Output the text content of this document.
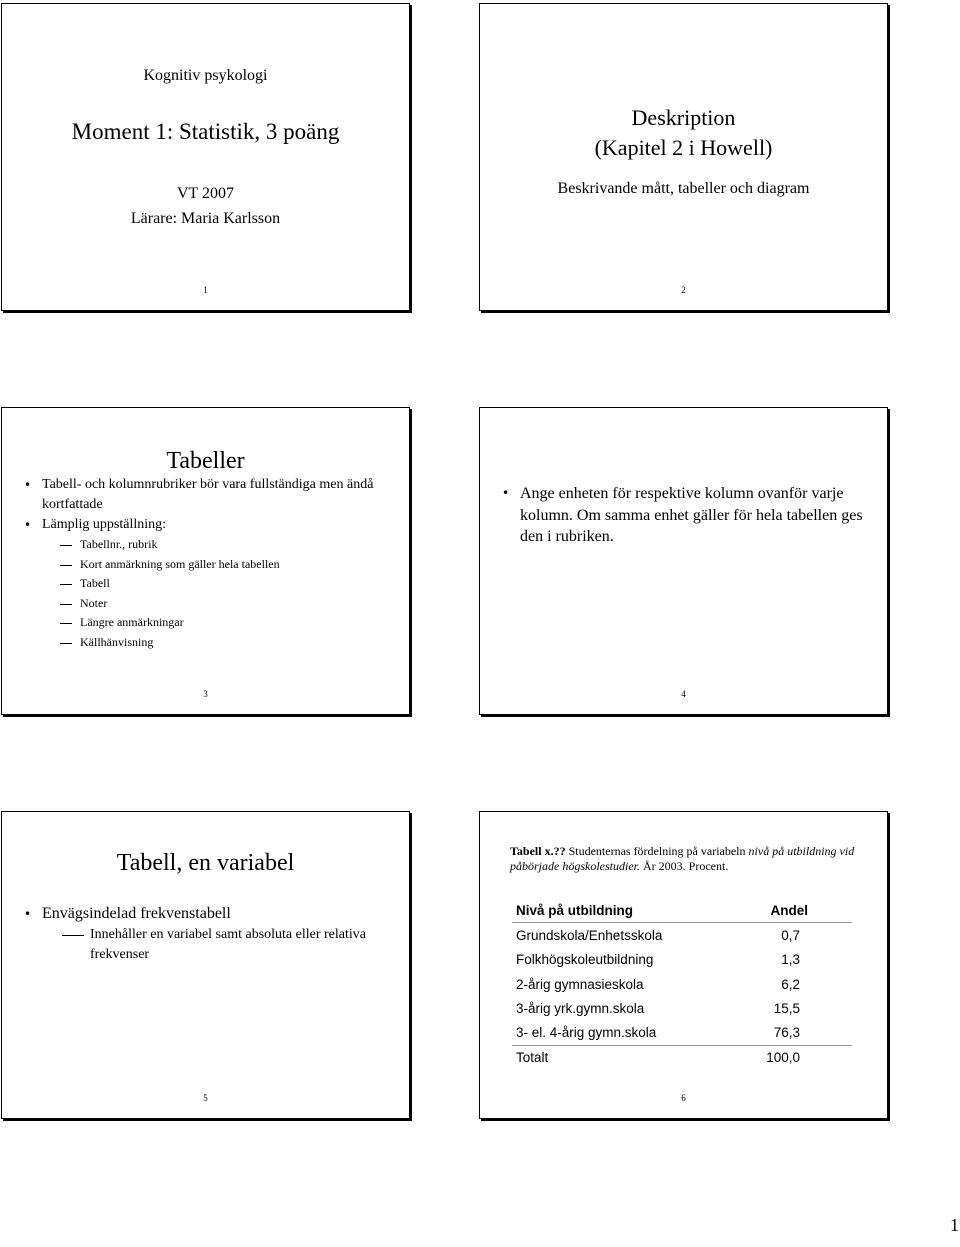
Kognitiv psykologi
Moment 1: Statistik, 3 poäng
VT 2007
Lärare: Maria Karlsson
1
Deskription
(Kapitel 2 i Howell)
Beskrivande mått, tabeller och diagram
2
Tabeller
• Tabell- och kolumnrubriker bör vara fullständiga men ändå kortfattade
• Lämplig uppställning:
Tabellnr., rubrik
Kort anmärkning som gäller hela tabellen
Tabell
Noter
Längre anmärkningar
Källhänvisning
3
• Ange enheten för respektive kolumn ovanför varje kolumn. Om samma enhet gäller för hela tabellen ges den i rubriken.
4
Tabell, en variabel
• Envägsindelad frekvenstabell
Innehåller en variabel samt absoluta eller relativa frekvenser
5
Tabell x.?? Studenternas fördelning på variabeln nivå på utbildning vid påbörjade högskolestudier. År 2003. Procent.
Nivå på utbildning	Andel
Grundskola/Enhetsskola	0,7
Folkhögskoleutbildning	1,3
2-årig gymnasieskola	6,2
3-årig yrk.gymn.skola	15,5
3- el. 4-årig gymn.skola	76,3
Totalt	100,0
6
1
